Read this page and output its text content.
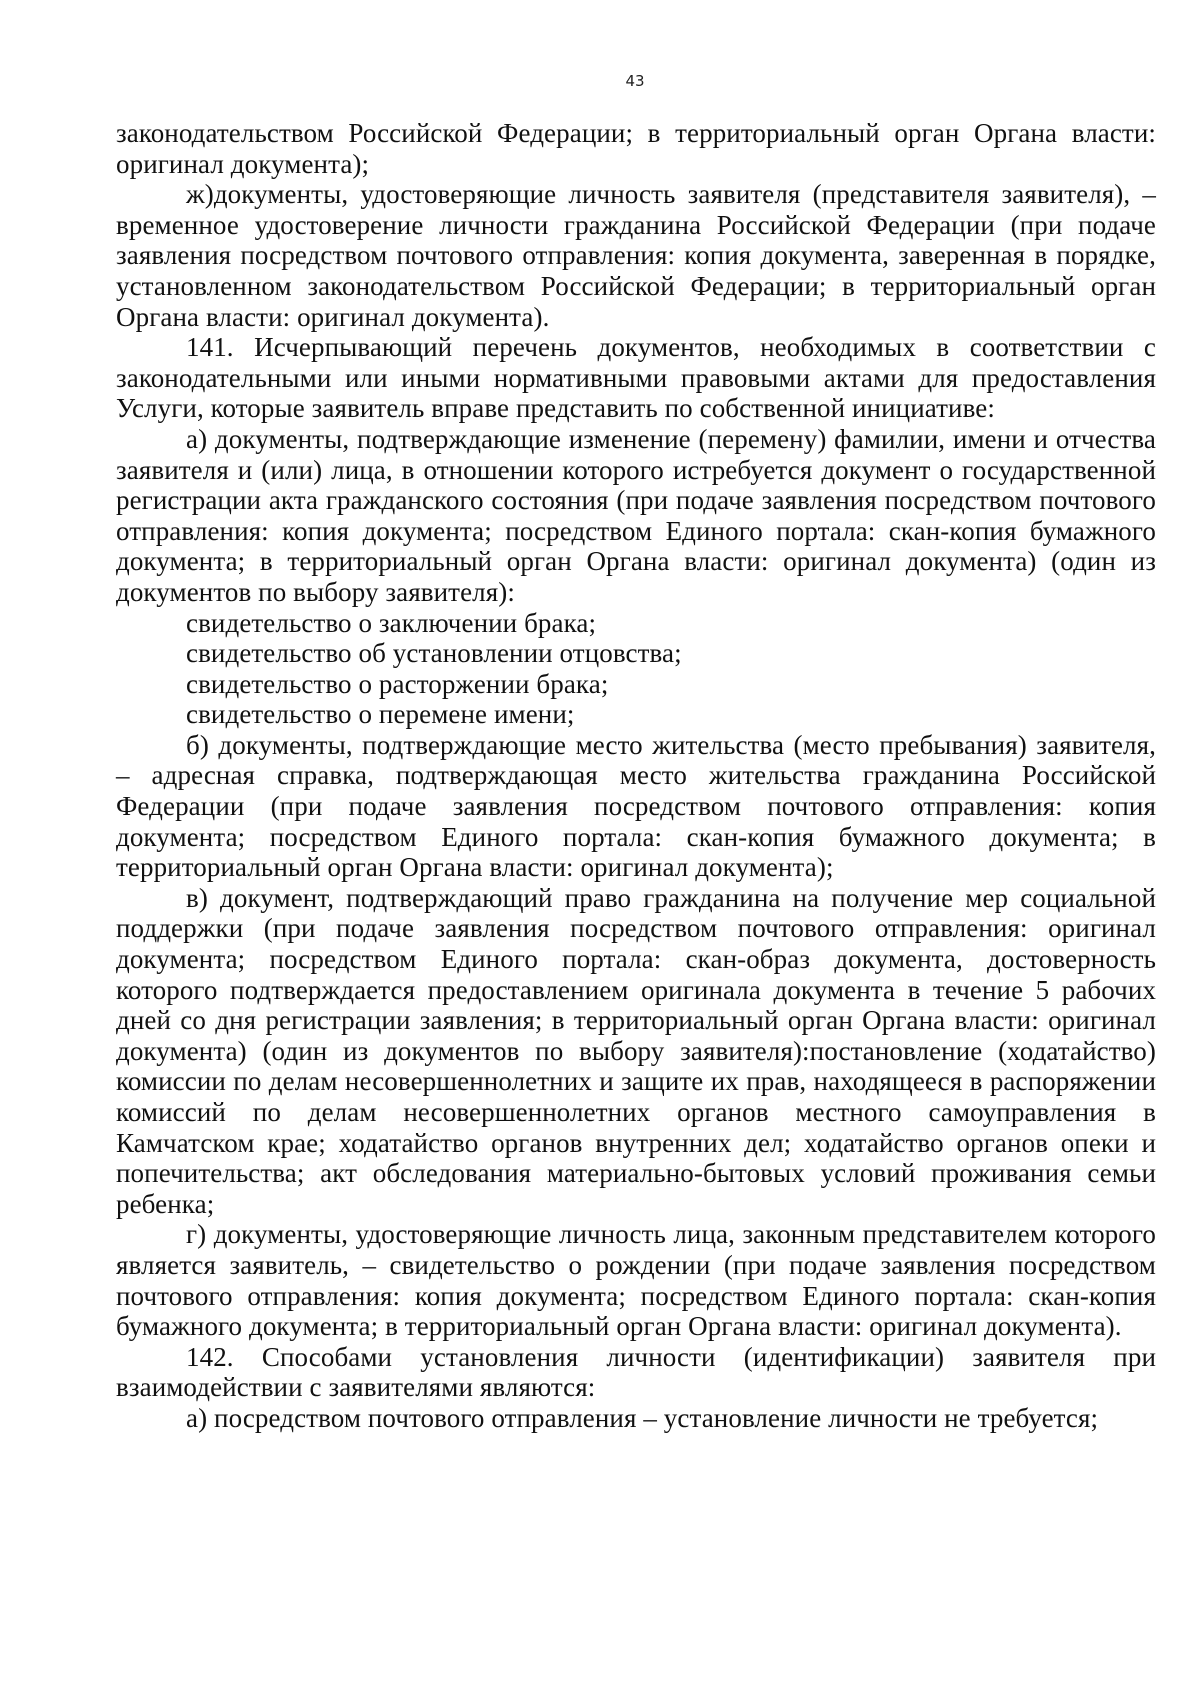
43

законодательством Российской Федерации; в территориальный орган Органа власти: оригинал документа);

ж)документы, удостоверяющие личность заявителя (представителя заявителя), – временное удостоверение личности гражданина Российской Федерации (при подаче заявления посредством почтового отправления: копия документа, заверенная в порядке, установленном законодательством Российской Федерации; в территориальный орган Органа власти: оригинал документа).

141. Исчерпывающий перечень документов, необходимых в соответствии с законодательными или иными нормативными правовыми актами для предоставления Услуги, которые заявитель вправе представить по собственной инициативе:

а) документы, подтверждающие изменение (перемену) фамилии, имени и отчества заявителя и (или) лица, в отношении которого истребуется документ о государственной регистрации акта гражданского состояния (при подаче заявления посредством почтового отправления: копия документа; посредством Единого портала: скан-копия бумажного документа; в территориальный орган Органа власти: оригинал документа) (один из документов по выбору заявителя):

свидетельство о заключении брака;

свидетельство об установлении отцовства;

свидетельство о расторжении брака;

свидетельство о перемене имени;

б) документы, подтверждающие место жительства (место пребывания) заявителя, – адресная справка, подтверждающая место жительства гражданина Российской Федерации (при подаче заявления посредством почтового отправления: копия документа; посредством Единого портала: скан-копия бумажного документа; в территориальный орган Органа власти: оригинал документа);

в) документ, подтверждающий право гражданина на получение мер социальной поддержки (при подаче заявления посредством почтового отправления: оригинал документа; посредством Единого портала: скан-образ документа, достоверность которого подтверждается предоставлением оригинала документа в течение 5 рабочих дней со дня регистрации заявления; в территориальный орган Органа власти: оригинал документа) (один из документов по выбору заявителя):постановление (ходатайство) комиссии по делам несовершеннолетних и защите их прав, находящееся в распоряжении комиссий по делам несовершеннолетних органов местного самоуправления в Камчатском крае; ходатайство органов внутренних дел; ходатайство органов опеки и попечительства; акт обследования материально-бытовых условий проживания семьи ребенка;

г) документы, удостоверяющие личность лица, законным представителем которого является заявитель, – свидетельство о рождении (при подаче заявления посредством почтового отправления: копия документа; посредством Единого портала: скан-копия бумажного документа; в территориальный орган Органа власти: оригинал документа).

142. Способами установления личности (идентификации) заявителя при взаимодействии с заявителями являются:

а) посредством почтового отправления – установление личности не требуется;
